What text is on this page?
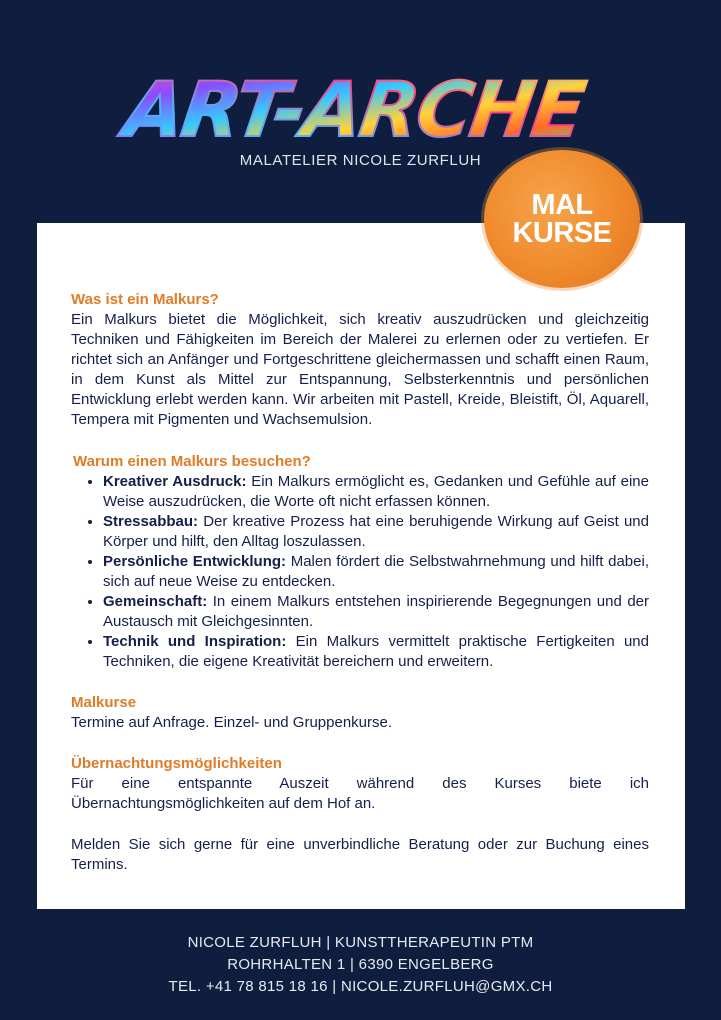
ART-ARCHE
MALATELIER NICOLE ZURFLUH
MAL
KURSE
Was ist ein Malkurs?

Ein Malkurs bietet die Möglichkeit, sich kreativ auszudrücken und gleichzeitig Techniken und Fähigkeiten im Bereich der Malerei zu erlernen oder zu vertiefen. Er richtet sich an Anfänger und Fortgeschrittene gleichermassen und schafft einen Raum, in dem Kunst als Mittel zur Entspannung, Selbsterkenntnis und persönlichen Entwicklung erlebt werden kann. Wir arbeiten mit Pastell, Kreide, Bleistift, Öl, Aquarell, Tempera mit Pigmenten und Wachsemulsion.

Warum einen Malkurs besuchen?
• Kreativer Ausdruck: Ein Malkurs ermöglicht es, Gedanken und Gefühle auf eine Weise auszudrücken, die Worte oft nicht erfassen können.
• Stressabbau: Der kreative Prozess hat eine beruhigende Wirkung auf Geist und Körper und hilft, den Alltag loszulassen.
• Persönliche Entwicklung: Malen fördert die Selbstwahrnehmung und hilft dabei, sich auf neue Weise zu entdecken.
• Gemeinschaft: In einem Malkurs entstehen inspirierende Begegnungen und der Austausch mit Gleichgesinnten.
• Technik und Inspiration: Ein Malkurs vermittelt praktische Fertigkeiten und Techniken, die eigene Kreativität bereichern und erweitern.
Malkurse

Termine auf Anfrage. Einzel- und Gruppenkurse.

Übernachtungsmöglichkeiten

Für eine entspannte Auszeit während des Kurses biete ich Übernachtungsmöglichkeiten auf dem Hof an.

Melden Sie sich gerne für eine unverbindliche Beratung oder zur Buchung eines Termins.

NICOLE ZURFLUH | KUNSTTHERAPEUTIN PTM
ROHRHALTEN 1 | 6390 ENGELBERG
TEL. +41 78 815 18 16 | NICOLE.ZURFLUH@GMX.CH
